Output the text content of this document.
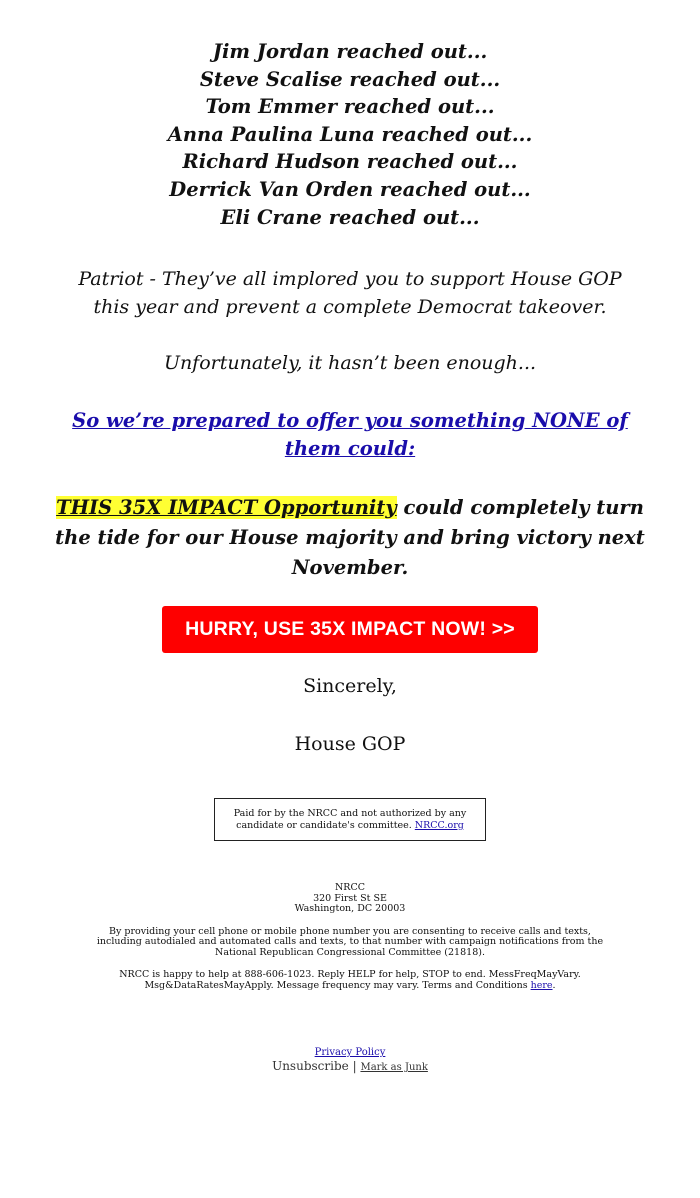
Jim Jordan reached out...
Steve Scalise reached out...
Tom Emmer reached out...
Anna Paulina Luna reached out...
Richard Hudson reached out...
Derrick Van Orden reached out...
Eli Crane reached out...

Patriot - They’ve all implored you to support House GOP this year and prevent a complete Democrat takeover.

Unfortunately, it hasn’t been enough...

So we’re prepared to offer you something NONE of them could:

THIS 35X IMPACT Opportunity could completely turn the tide for our House majority and bring victory next November.

HURRY, USE 35X IMPACT NOW! >>
Sincerely,
House GOP
Paid for by the NRCC and not authorized by any candidate or candidate's committee. NRCC.org
NRCC
320 First St SE
Washington, DC 20003
By providing your cell phone or mobile phone number you are consenting to receive calls and texts, including autodialed and automated calls and texts, to that number with campaign notifications from the National Republican Congressional Committee (21818).
NRCC is happy to help at 888-606-1023. Reply HELP for help, STOP to end. MessFreqMayVary. Msg&DataRatesMayApply. Message frequency may vary. Terms and Conditions here.
Privacy Policy
Unsubscribe | Mark as Junk
